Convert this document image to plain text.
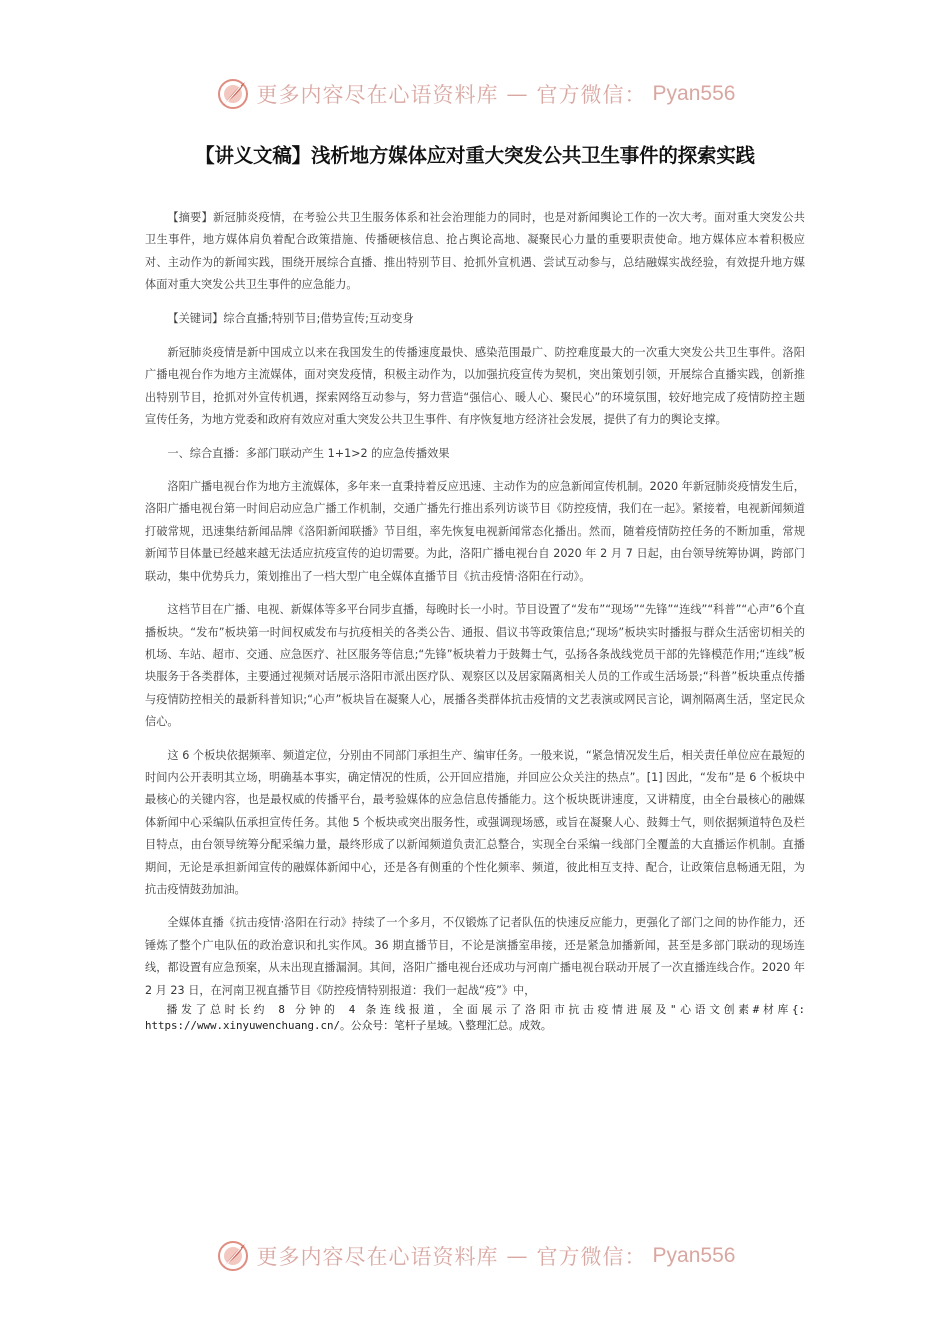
更多内容尽在心语资料库 — 官方微信： Pyan556
【讲义文稿】浅析地方媒体应对重大突发公共卫生事件的探索实践

【摘要】新冠肺炎疫情，在考验公共卫生服务体系和社会治理能力的同时，也是对新闻舆论工作的一次大考。面对重大突发公共卫生事件，地方媒体肩负着配合政策措施、传播硬核信息、抢占舆论高地、凝聚民心力量的重要职责使命。地方媒体应本着积极应对、主动作为的新闻实践，围绕开展综合直播、推出特别节目、抢抓外宣机遇、尝试互动参与，总结融媒实战经验，有效提升地方媒体面对重大突发公共卫生事件的应急能力。

【关键词】综合直播;特别节目;借势宣传;互动变身

新冠肺炎疫情是新中国成立以来在我国发生的传播速度最快、感染范围最广、防控难度最大的一次重大突发公共卫生事件。洛阳广播电视台作为地方主流媒体，面对突发疫情，积极主动作为，以加强抗疫宣传为契机，突出策划引领，开展综合直播实践，创新推出特别节目，抢抓对外宣传机遇，探索网络互动参与，努力营造“强信心、暖人心、聚民心”的环境氛围，较好地完成了疫情防控主题宣传任务，为地方党委和政府有效应对重大突发公共卫生事件、有序恢复地方经济社会发展，提供了有力的舆论支撑。

一、综合直播：多部门联动产生 1+1>2 的应急传播效果

洛阳广播电视台作为地方主流媒体，多年来一直秉持着反应迅速、主动作为的应急新闻宣传机制。2020 年新冠肺炎疫情发生后，洛阳广播电视台第一时间启动应急广播工作机制，交通广播先行推出系列访谈节目《防控疫情，我们在一起》。紧接着，电视新闻频道打破常规，迅速集结新闻品牌《洛阳新闻联播》节目组，率先恢复电视新闻常态化播出。然而，随着疫情防控任务的不断加重，常规新闻节目体量已经越来越无法适应抗疫宣传的迫切需要。为此，洛阳广播电视台自 2020 年 2 月 7 日起，由台领导统筹协调，跨部门联动，集中优势兵力，策划推出了一档大型广电全媒体直播节目《抗击疫情·洛阳在行动》。

这档节目在广播、电视、新媒体等多平台同步直播，每晚时长一小时。节目设置了“发布”“现场”“先锋”“连线”“科普”“心声”6个直播板块。“发布”板块第一时间权威发布与抗疫相关的各类公告、通报、倡议书等政策信息;“现场”板块实时播报与群众生活密切相关的机场、车站、超市、交通、应急医疗、社区服务等信息;“先锋”板块着力于鼓舞士气，弘扬各条战线党员干部的先锋模范作用;“连线”板块服务于各类群体，主要通过视频对话展示洛阳市派出医疗队、观察区以及居家隔离相关人员的工作或生活场景;“科普”板块重点传播与疫情防控相关的最新科普知识;“心声”板块旨在凝聚人心，展播各类群体抗击疫情的文艺表演或网民言论，调剂隔离生活，坚定民众信心。

这 6 个板块依据频率、频道定位，分别由不同部门承担生产、编审任务。一般来说，“紧急情况发生后，相关责任单位应在最短的时间内公开表明其立场，明确基本事实，确定情况的性质，公开回应措施，并回应公众关注的热点”。[1] 因此，“发布”是 6 个板块中最核心的关键内容，也是最权威的传播平台，最考验媒体的应急信息传播能力。这个板块既讲速度，又讲精度，由全台最核心的融媒体新闻中心采编队伍承担宣传任务。其他 5 个板块或突出服务性，或强调现场感，或旨在凝聚人心、鼓舞士气，则依据频道特色及栏目特点，由台领导统筹分配采编力量，最终形成了以新闻频道负责汇总整合，实现全台采编一线部门全覆盖的大直播运作机制。直播期间，无论是承担新闻宣传的融媒体新闻中心，还是各有侧重的个性化频率、频道，彼此相互支持、配合，让政策信息畅通无阻，为抗击疫情鼓劲加油。

全媒体直播《抗击疫情·洛阳在行动》持续了一个多月，不仅锻炼了记者队伍的快速反应能力，更强化了部门之间的协作能力，还锤炼了整个广电队伍的政治意识和扎实作风。36 期直播节目，不论是演播室串接，还是紧急加播新闻，甚至是多部门联动的现场连线，都设置有应急预案，从未出现直播漏洞。其间，洛阳广播电视台还成功与河南广播电视台联动开展了一次直播连线合作。2020 年 2 月 23 日，在河南卫视直播节目《防控疫情特别报道：我们一起战“疫”》中，

播发了总时长约 8 分钟的 4 条连线报道，全面展示了洛阳市抗击疫情进展及"心语文创素#材库{: https://www.xinyuwenchuang.cn/。公众号：笔杆子星域。\整理汇总。成效。

更多内容尽在心语资料库 — 官方微信： Pyan556
